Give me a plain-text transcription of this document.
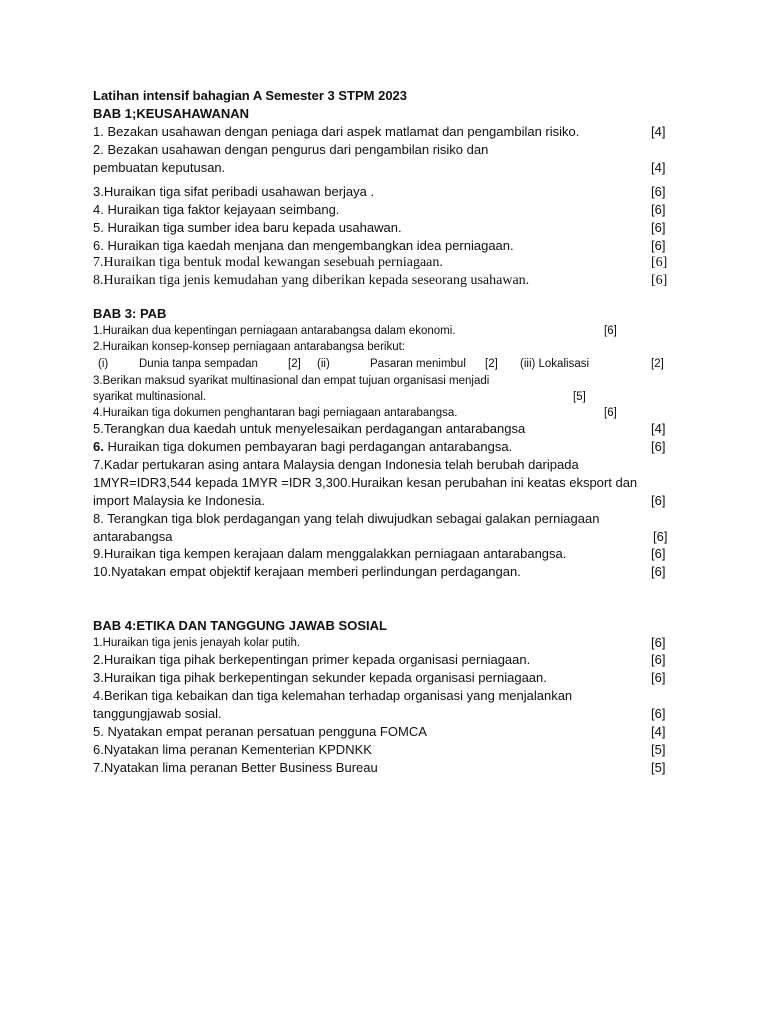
Latihan intensif bahagian A Semester 3 STPM 2023
BAB 1;KEUSAHAWANAN
1. Bezakan usahawan dengan peniaga dari aspek matlamat dan pengambilan risiko.	[4]
2. Bezakan usahawan dengan pengurus dari pengambilan risiko dan
pembuatan keputusan.	[4]
3.Huraikan tiga sifat peribadi usahawan berjaya .	[6]
4. Huraikan tiga faktor kejayaan seimbang.	[6]
5. Huraikan tiga sumber idea baru kepada usahawan.	[6]
6. Huraikan tiga kaedah menjana dan mengembangkan idea perniagaan.	[6]
7.Huraikan tiga bentuk modal kewangan sesebuah perniagaan.	[6]
8.Huraikan tiga jenis kemudahan yang diberikan kepada seseorang usahawan.	[6]
BAB 3: PAB
1.Huraikan dua kepentingan perniagaan antarabangsa dalam ekonomi.	[6]
2.Huraikan konsep-konsep perniagaan antarabangsa berikut:
(i)	Dunia tanpa sempadan	[2] (ii)	Pasaran menimbul [2] (iii) Lokalisasi	[2]
3.Berikan maksud syarikat multinasional dan empat tujuan organisasi menjadi
syarikat multinasional.	[5]
4.Huraikan tiga dokumen penghantaran bagi perniagaan antarabangsa.	[6]
5.Terangkan dua kaedah untuk menyelesaikan perdagangan antarabangsa	[4]
6. Huraikan tiga dokumen pembayaran bagi perdagangan antarabangsa.	[6]
7.Kadar pertukaran asing antara Malaysia dengan Indonesia telah berubah daripada
1MYR=IDR3,544 kepada 1MYR =IDR 3,300.Huraikan kesan perubahan ini keatas eksport dan
import Malaysia ke Indonesia.	[6]
8. Terangkan tiga blok perdagangan yang telah diwujudkan sebagai galakan perniagaan
antarabangsa	[6]
9.Huraikan tiga kempen kerajaan dalam menggalakkan perniagaan antarabangsa.	[6]
10.Nyatakan empat objektif kerajaan memberi perlindungan perdagangan.	[6]
BAB 4:ETIKA DAN TANGGUNG JAWAB SOSIAL
1.Huraikan tiga jenis jenayah kolar putih.	[6]
2.Huraikan tiga pihak berkepentingan primer kepada organisasi perniagaan.	[6]
3.Huraikan tiga pihak berkepentingan sekunder kepada organisasi perniagaan.	[6]
4.Berikan tiga kebaikan dan tiga kelemahan terhadap organisasi yang menjalankan
tanggungjawab sosial.	[6]
5. Nyatakan empat peranan persatuan pengguna FOMCA	[4]
6.Nyatakan lima peranan Kementerian KPDNKK	[5]
7.Nyatakan lima peranan Better Business Bureau	[5]
